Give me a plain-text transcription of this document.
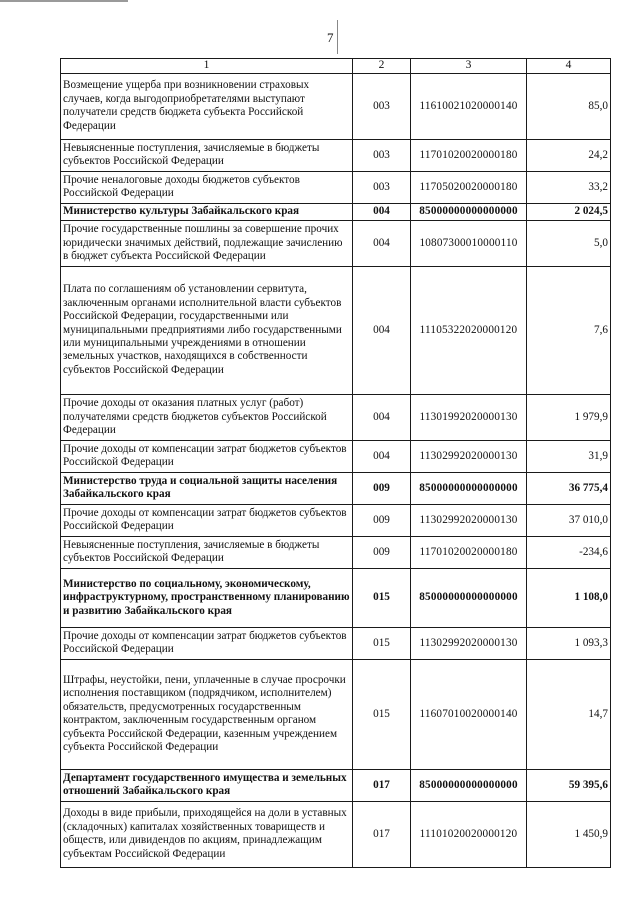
7
1	2	3	4
Возмещение ущерба при возникновении страховых случаев, когда выгодоприобретателями выступают получатели средств бюджета субъекта Российской Федерации	003	11610021020000140	85,0
Невыясненные поступления, зачисляемые в бюджеты субъектов Российской Федерации	003	11701020020000180	24,2
Прочие неналоговые доходы бюджетов субъектов Российской Федерации	003	11705020020000180	33,2
Министерство культуры Забайкальского края	004	85000000000000000	2 024,5
Прочие государственные пошлины за совершение прочих юридически значимых действий, подлежащие зачислению в бюджет субъекта Российской Федерации	004	10807300010000110	5,0
Плата по соглашениям об установлении сервитута, заключенным органами исполнительной власти субъектов Российской Федерации, государственными или муниципальными предприятиями либо государственными или муниципальными учреждениями в отношении земельных участков, находящихся в собственности субъектов Российской Федерации	004	11105322020000120	7,6
Прочие доходы от оказания платных услуг (работ) получателями средств бюджетов субъектов Российской Федерации	004	11301992020000130	1 979,9
Прочие доходы от компенсации затрат бюджетов субъектов Российской Федерации	004	11302992020000130	31,9
Министерство труда и социальной защиты населения Забайкальского края	009	85000000000000000	36 775,4
Прочие доходы от компенсации затрат бюджетов субъектов Российской Федерации	009	11302992020000130	37 010,0
Невыясненные поступления, зачисляемые в бюджеты субъектов Российской Федерации	009	11701020020000180	-234,6
Министерство по социальному, экономическому, инфраструктурному, пространственному планированию и развитию Забайкальского края	015	85000000000000000	1 108,0
Прочие доходы от компенсации затрат бюджетов субъектов Российской Федерации	015	11302992020000130	1 093,3
Штрафы, неустойки, пени, уплаченные в случае просрочки исполнения поставщиком (подрядчиком, исполнителем) обязательств, предусмотренных государственным контрактом, заключенным государственным органом субъекта Российской Федерации, казенным учреждением субъекта Российской Федерации	015	11607010020000140	14,7
Департамент государственного имущества и земельных отношений Забайкальского края	017	85000000000000000	59 395,6
Доходы в виде прибыли, приходящейся на доли в уставных (складочных) капиталах хозяйственных товариществ и обществ, или дивидендов по акциям, принадлежащим субъектам Российской Федерации	017	11101020020000120	1 450,9
